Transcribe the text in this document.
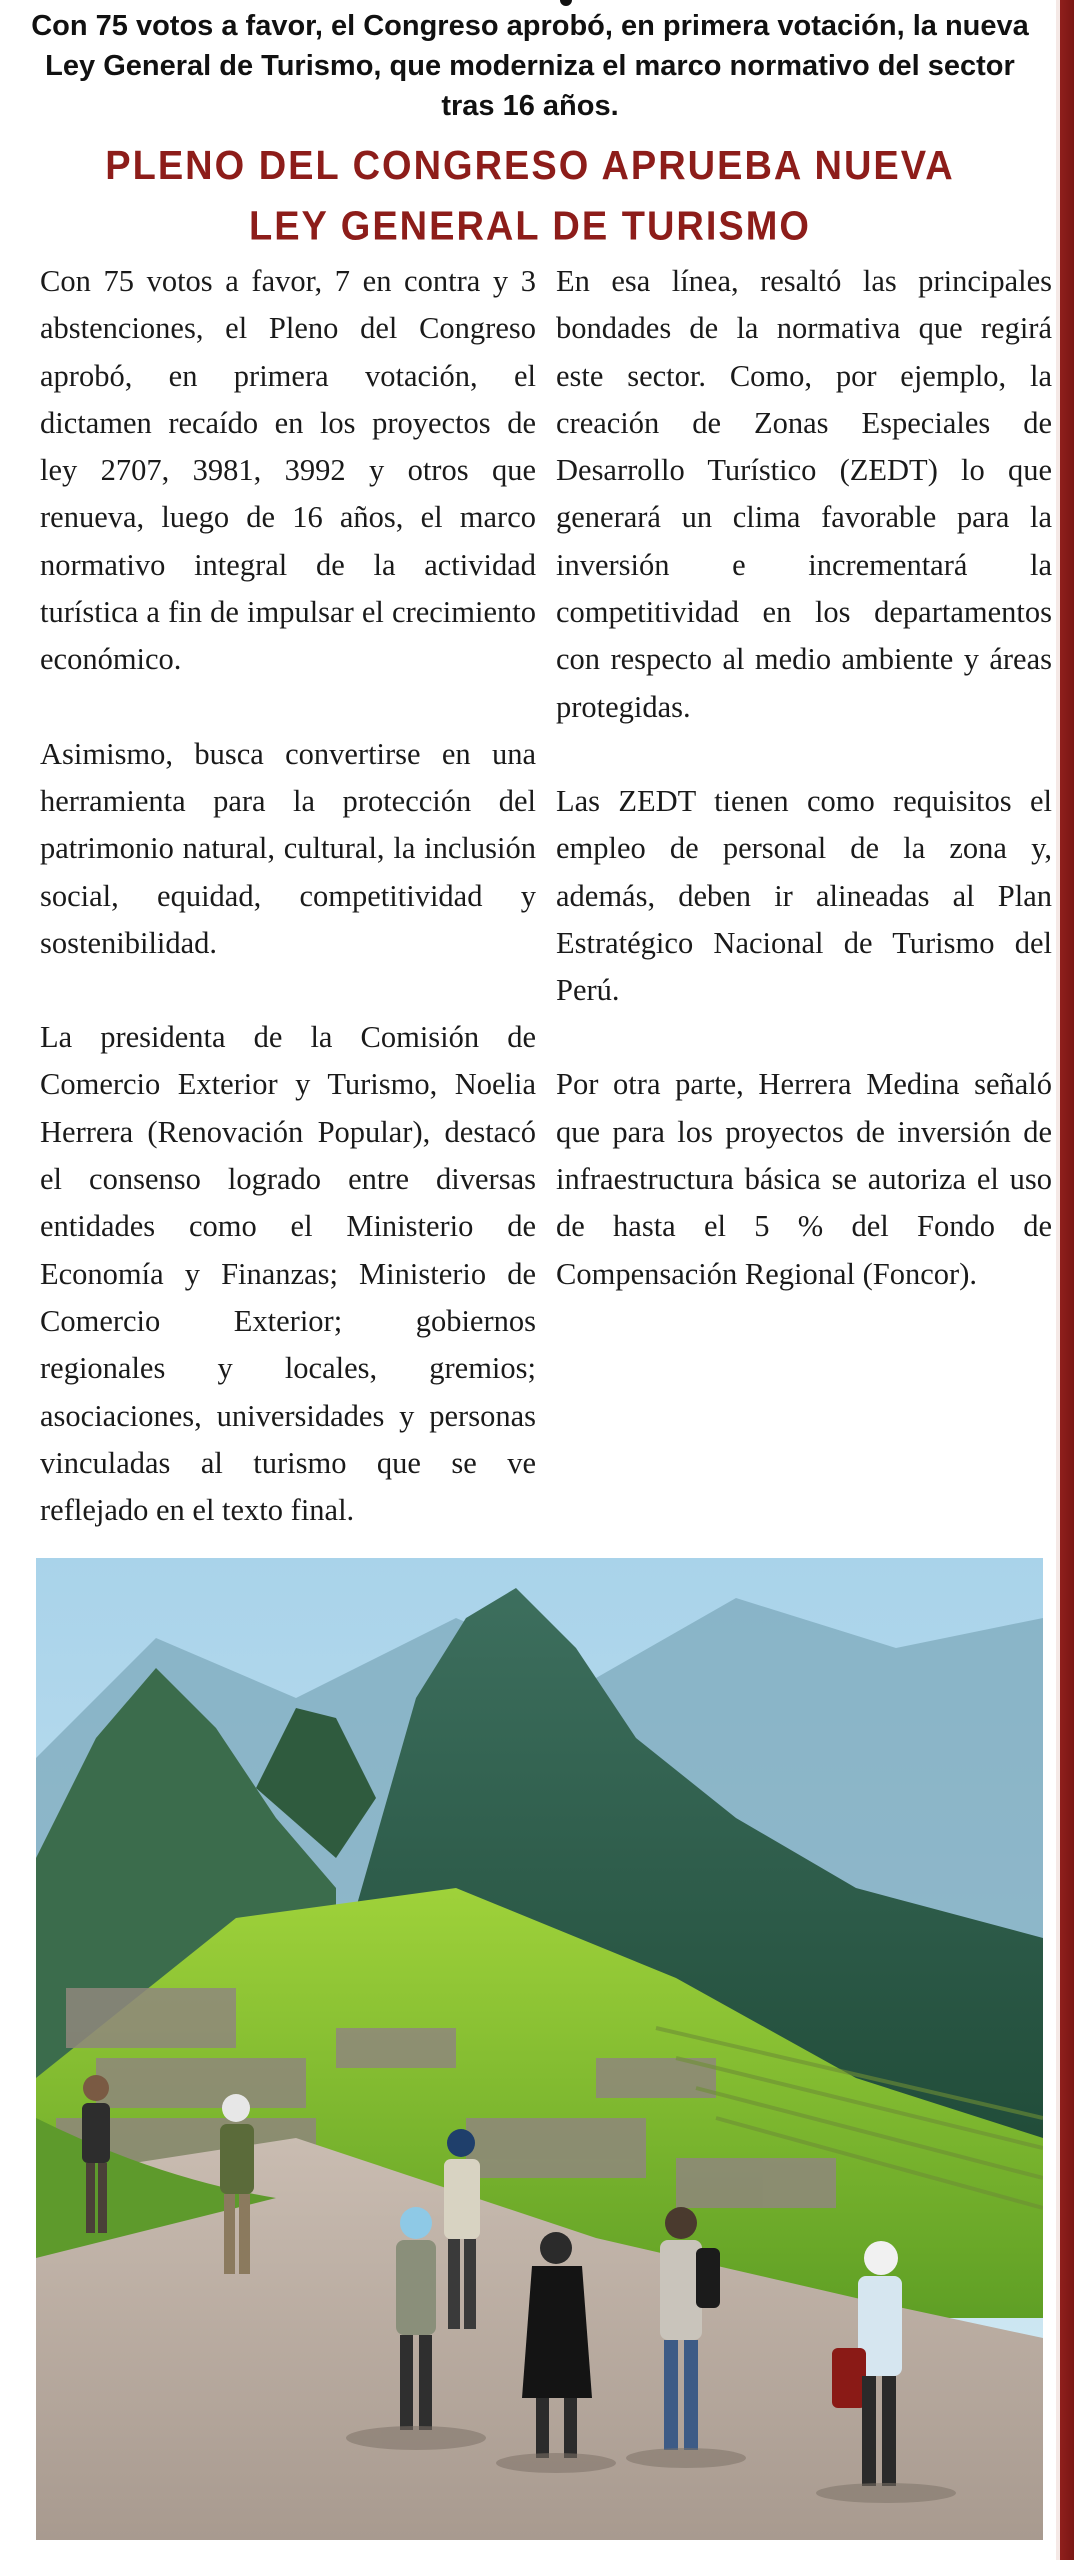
Con 75 votos a favor, el Congreso aprobó, en primera votación, la nueva Ley General de Turismo, que moderniza el marco normativo del sector tras 16 años.
PLENO DEL CONGRESO APRUEBA NUEVA
LEY GENERAL DE TURISMO

Con 75 votos a favor, 7 en contra y 3 abstenciones, el Pleno del Congreso aprobó, en primera votación, el dictamen recaído en los proyectos de ley 2707, 3981, 3992 y otros que renueva, luego de 16 años, el marco normativo integral de la actividad turística a fin de impulsar el crecimiento económico.

Asimismo, busca convertirse en una herramienta para la protección del patrimonio natural, cultural, la inclusión social, equidad, competitividad y sostenibilidad.

La presidenta de la Comisión de Comercio Exterior y Turismo, Noelia Herrera (Renovación Popular), destacó el consenso logrado entre diversas entidades como el Ministerio de Economía y Finanzas; Ministerio de Comercio Exterior; gobiernos regionales y locales, gremios; asociaciones, universidades y personas vinculadas al turismo que se ve reflejado en el texto final.

En esa línea, resaltó las principales bondades de la normativa que regirá este sector. Como, por ejemplo, la creación de Zonas Especiales de Desarrollo Turístico (ZEDT) lo que generará un clima favorable para la inversión e incrementará la competitividad en los departamentos con respecto al medio ambiente y áreas protegidas.

Las ZEDT tienen como requisitos el empleo de personal de la zona y, además, deben ir alineadas al Plan Estratégico Nacional de Turismo del Perú.

Por otra parte, Herrera Medina señaló que para los proyectos de inversión de infraestructura básica se autoriza el uso de hasta el 5 % del Fondo de Compensación Regional (Foncor).
